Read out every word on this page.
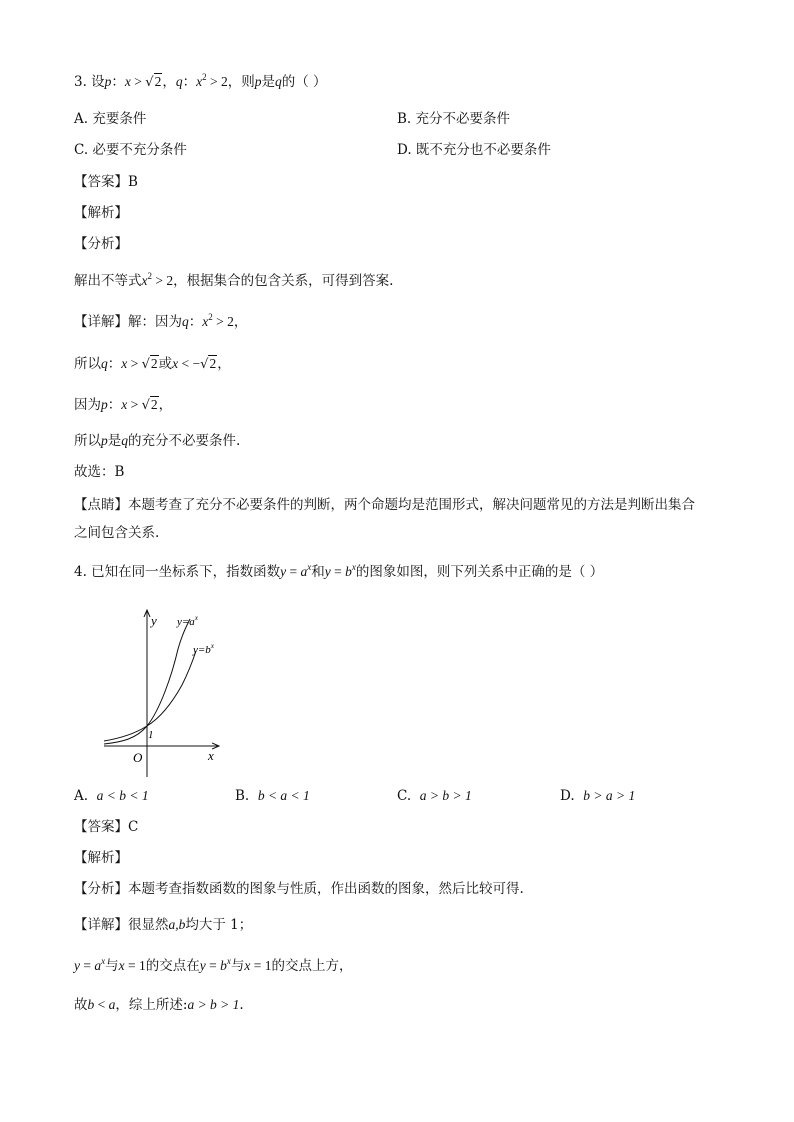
3. 设p：x > √2，q：$x^2 > 2$，则p是q的（ ）
A. 充要条件	B. 充分不必要条件
C. 必要不充分条件	D. 既不充分也不必要条件
【答案】B
【解析】
【分析】
解出不等式$x^2 > 2$，根据集合的包含关系，可得到答案.
【详解】解：因为q：$x^2 > 2$，
所以q：x > √2或x < −√2，
因为p：x > √2，
所以p是q的充分不必要条件.
故选：B
【点睛】本题考查了充分不必要条件的判断，两个命题均是范围形式，解决问题常见的方法是判断出集合
之间包含关系.
4. 已知在同一坐标系下，指数函数$y = a^x$和$y = b^x$的图象如图，则下列关系中正确的是（ ）
y
x
O
1
$y=a^x$
$y=b^x$
A. a < b < 1	B. b < a < 1	C. a > b > 1	D. b > a > 1
【答案】C
【解析】
【分析】本题考查指数函数的图象与性质，作出函数的图象，然后比较可得.
【详解】很显然a,b均大于 1；
$y = a^x$与x = 1的交点在$y = b^x$与x = 1的交点上方，
故b < a，综上所述:a > b > 1.
